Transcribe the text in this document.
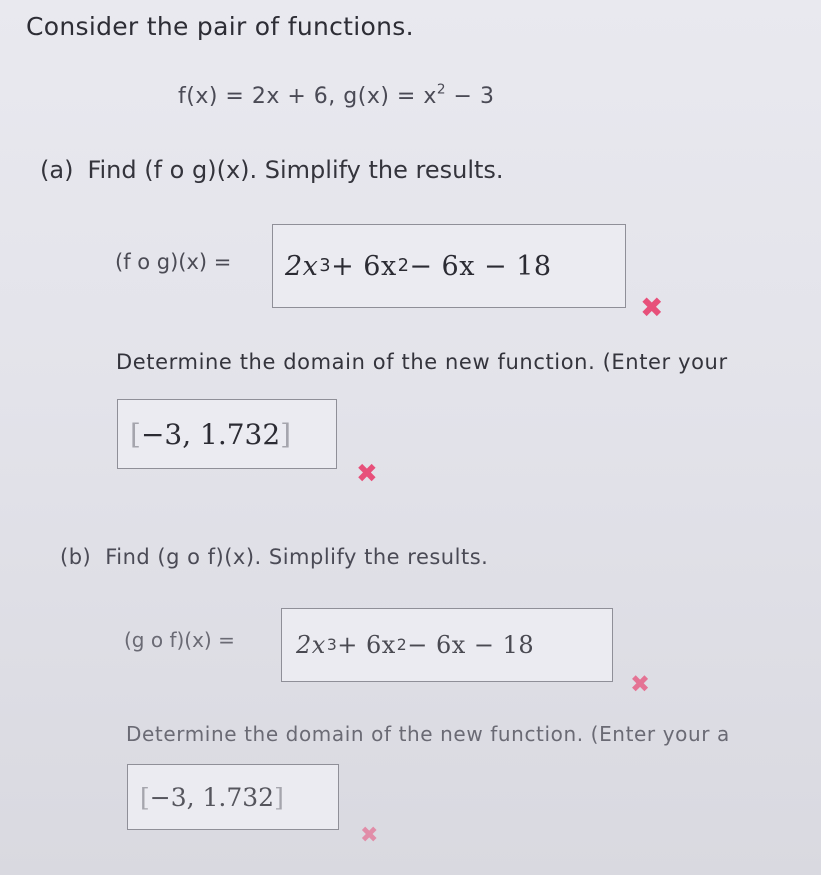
Consider the pair of functions.
f(x) = 2x + 6, $g(x) = x^2 - 3$
(a) Find (f o g)(x). Simplify the results.
(f o g)(x) = 2x 3 + 6x 2 − 6x − 18
✖
Determine the domain of the new function. (Enter your
[ −3, 1.732 ]
✖
(b) Find (g o f)(x). Simplify the results.
(g o f)(x) =	2x 3 + 6x 2 − 6x − 18
✖
Determine the domain of the new function. (Enter your a
[ −3, 1.732 ]
✖
